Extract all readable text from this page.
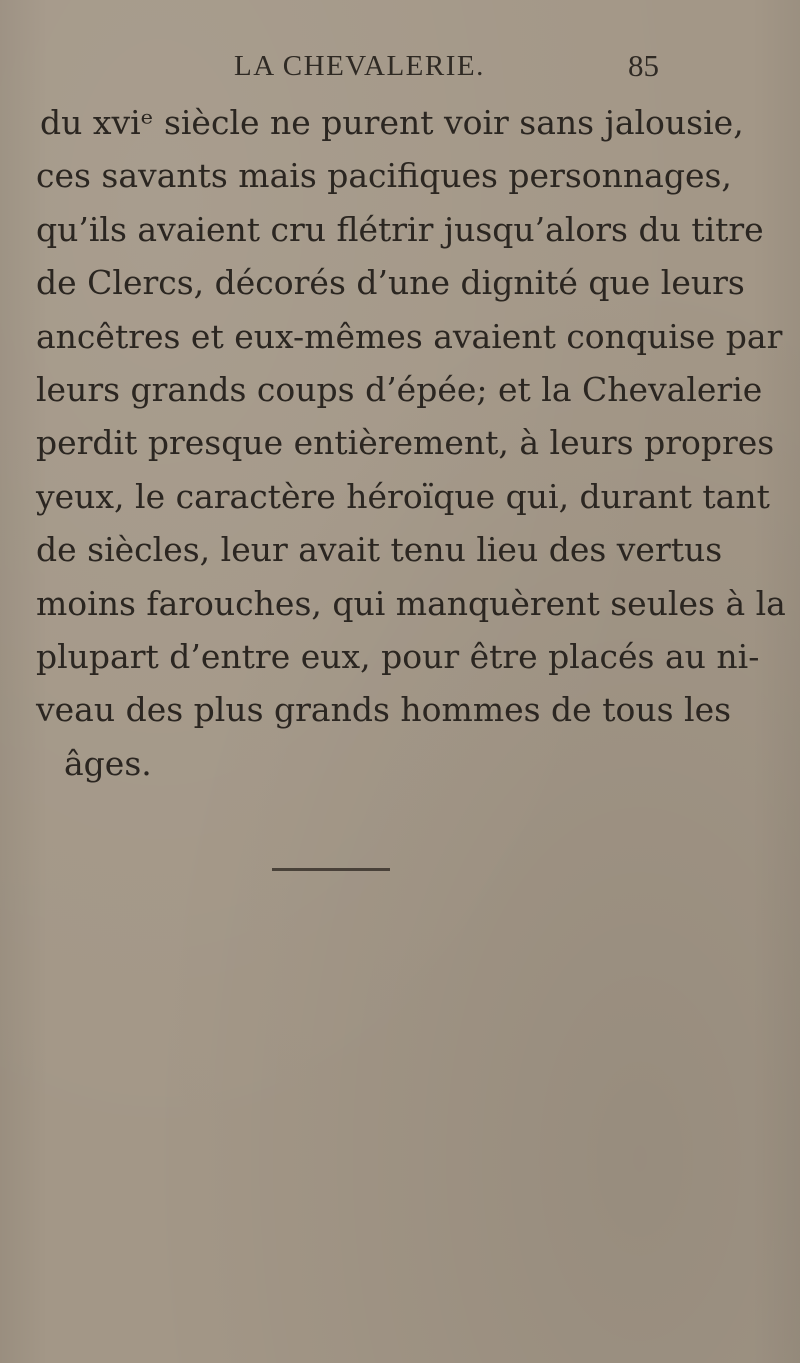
LA CHEVALERIE.	85
du xviᵉ siècle ne purent voir sans jalousie,
ces savants mais pacifiques personnages,
qu’ils avaient cru flétrir jusqu’alors du titre
de Clercs, décorés d’une dignité que leurs
ancêtres et eux-mêmes avaient conquise par
leurs grands coups d’épée; et la Chevalerie
perdit presque entièrement, à leurs propres
yeux, le caractère héroïque qui, durant tant
de siècles, leur avait tenu lieu des vertus
moins farouches, qui manquèrent seules à la
plupart d’entre eux, pour être placés au ni-
veau des plus grands hommes de tous les
âges.
